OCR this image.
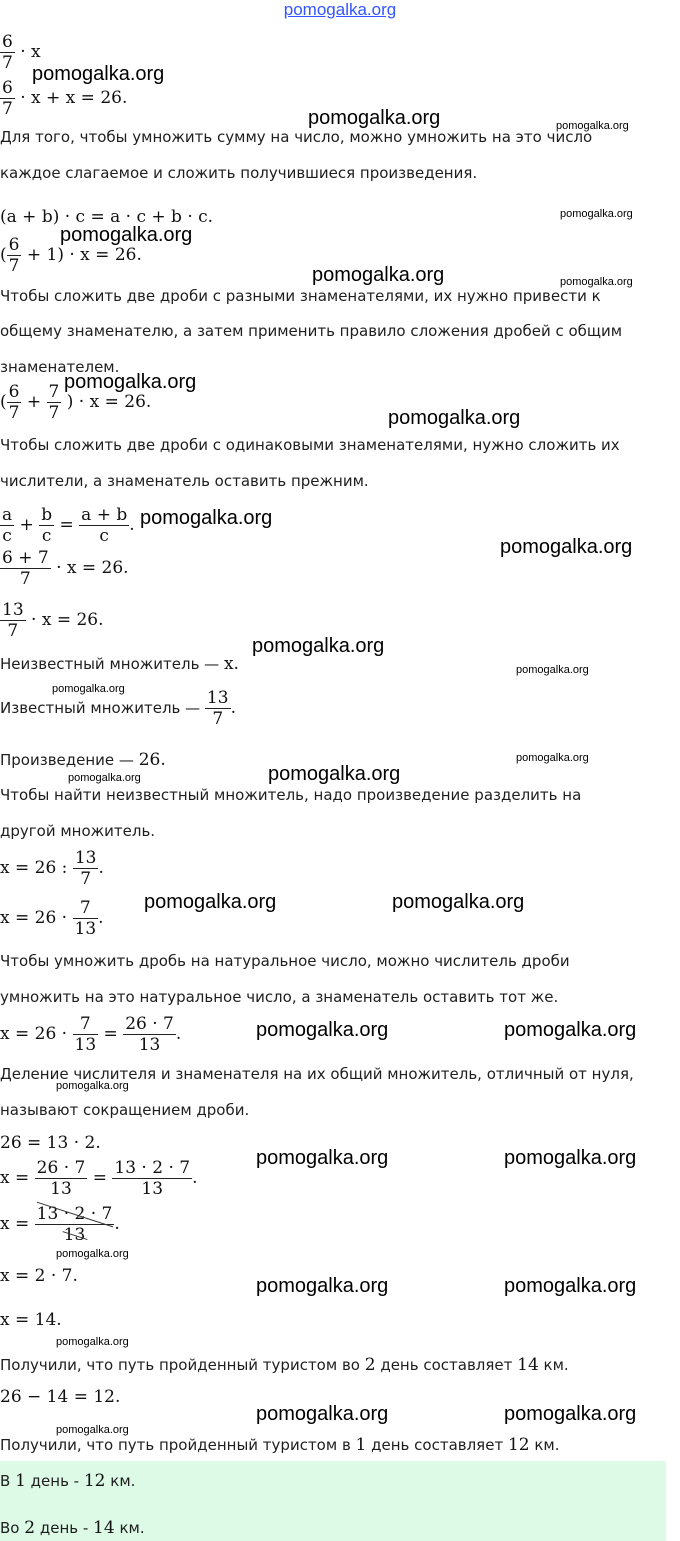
pomogalka.org
$\frac{6}{7} \cdot x$
$\frac{6}{7} \cdot x + x = 26$.
Для того, чтобы умножить сумму на число, можно умножить на это число
каждое слагаемое и сложить получившиеся произведения.
(a + b) · c = a · c + b · c.
( $\frac{6}{7} + 1) \cdot x = 26$.
Чтобы сложить две дроби с разными знаменателями, их нужно привести к
общему знаменателю, а затем применить правило сложения дробей с общим
знаменателем.
( $\frac{6}{7} + \frac{7}{7}$ ) · x = 26.
Чтобы сложить две дроби с одинаковыми знаменателями, нужно сложить их
числители, а знаменатель оставить прежним.
$\frac{a}{c} + \frac{b}{c} = \frac{a + b}{c}$ .
$\frac{6 + 7}{7} \cdot x = 26$.
$\frac{13}{7} \cdot x = 26$.
Неизвестный множитель — x.
Известный множитель — $\frac{13}{7}$ .
Произведение — 26.
Чтобы найти неизвестный множитель, надо произведение разделить на
другой множитель.
x = 26 : $\frac{13}{7}$ .
$x = 26 \cdot \frac{7}{13}$ .
Чтобы умножить дробь на натуральное число, можно числитель дроби
умножить на это натуральное число, а знаменатель оставить тот же.
$x = 26 \cdot \frac{7}{13} = \frac{26 \cdot 7}{13}$ .
Деление числителя и знаменателя на их общий множитель, отличный от нуля,
называют сокращением дроби.
26 = 13 · 2.
$x = \frac{26 \cdot 7}{13} = \frac{13 \cdot 2 \cdot 7}{13}$ .
$x = \frac{13 \cdot 2 \cdot 7}{13}$ .
x = 2 · 7.
x = 14.
Получили, что путь пройденный туристом во 2 день составляет 14 км.
26 − 14 = 12.
Получили, что путь пройденный туристом в 1 день составляет 12 км.
В 1 день - 12 км.
Во 2 день - 14 км.
pomogalka.org
pomogalka.org	pomogalka.org
pomogalka.org
pomogalka.org
pomogalka.org	pomogalka.org
pomogalka.org
pomogalka.org
pomogalka.org
pomogalka.org
pomogalka.org
pomogalka.org
pomogalka.org
pomogalka.org
pomogalka.org
pomogalka.org
pomogalka.org	pomogalka.org
pomogalka.org	pomogalka.org
pomogalka.org
pomogalka.org	pomogalka.org
pomogalka.org
pomogalka.org	pomogalka.org
pomogalka.org
pomogalka.org	pomogalka.org
pomogalka.org
